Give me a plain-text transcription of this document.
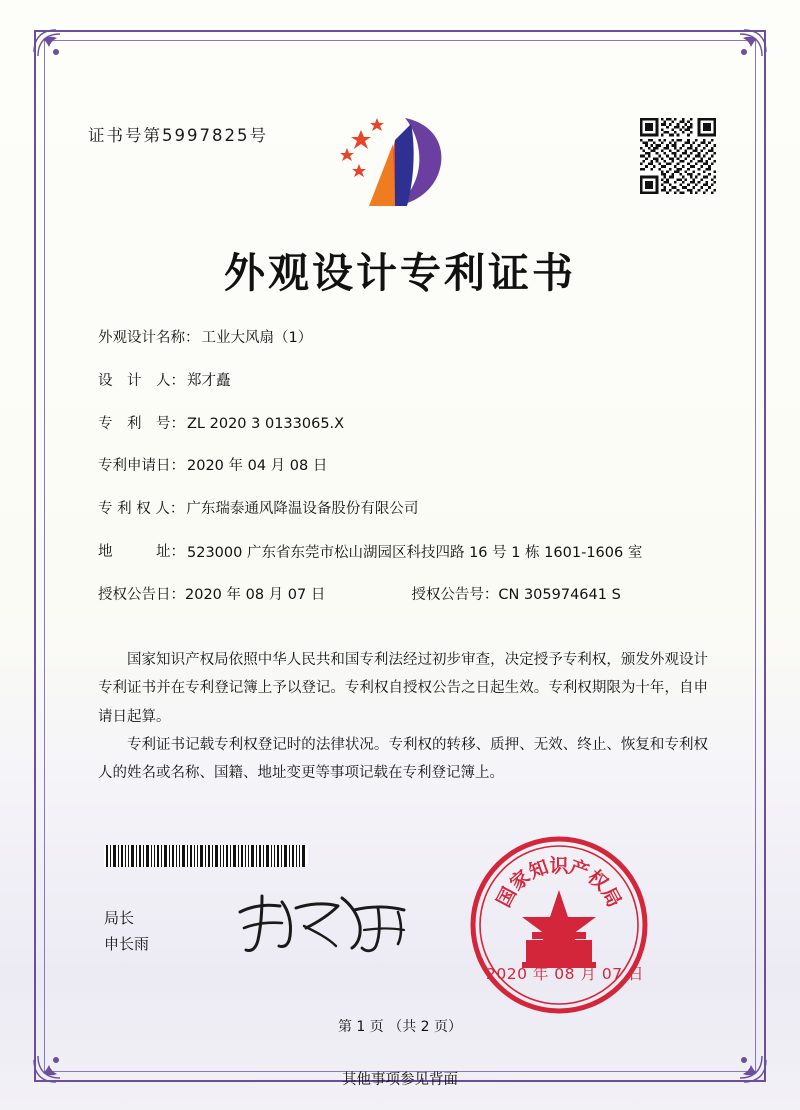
证书号第5997825号
外观设计专利证书
外观设计名称： 工业大风扇（1）
设　计　人： 郑才矗
专　利　号： ZL 2020 3 0133065.X
专利申请日： 2020 年 04 月 08 日
专 利 权 人： 广东瑞泰通风降温设备股份有限公司
地　　　址： 523000 广东省东莞市松山湖园区科技四路 16 号 1 栋 1601-1606 室
授权公告日： 2020 年 08 月 07 日	授权公告号： CN 305974641 S

国家知识产权局依照中华人民共和国专利法经过初步审查，决定授予专利权，颁发外观设计专利证书并在专利登记簿上予以登记。专利权自授权公告之日起生效。专利权期限为十年，自申请日起算。

专利证书记载专利权登记时的法律状况。专利权的转移、质押、无效、终止、恢复和专利权人的姓名或名称、国籍、地址变更等事项记载在专利登记簿上。

局长
申长雨
国
家
知
识
产
权
局
2020 年 08 月 07 日
第 1 页 （共 2 页）
其他事项参见背面
